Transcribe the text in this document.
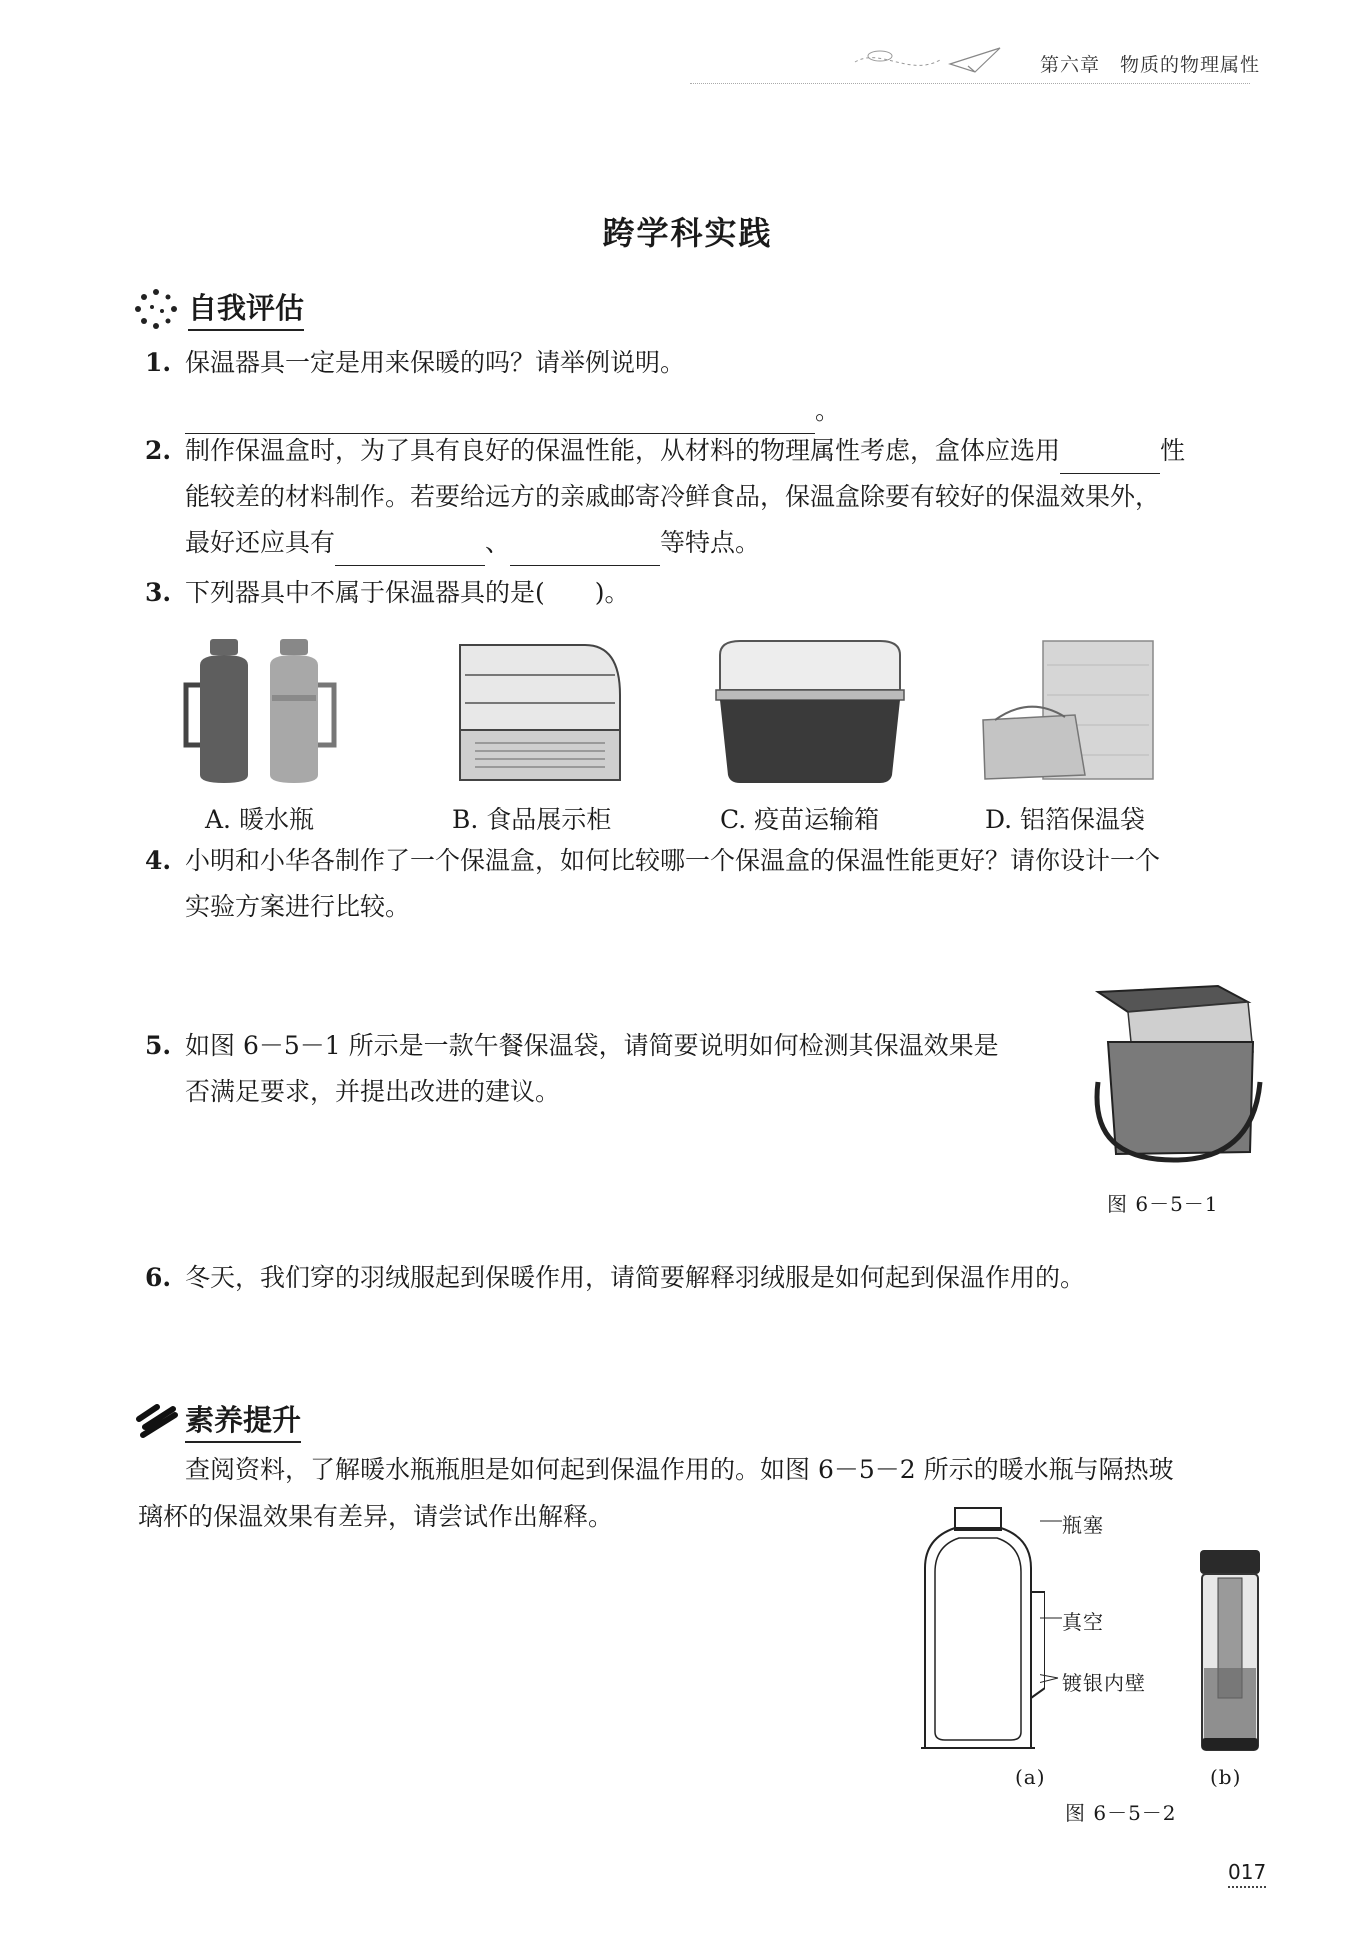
第六章　物质的物理属性
跨学科实践
自我评估
1. 保温器具一定是用来保暖的吗？请举例说明。
。
2. 制作保温盒时，为了具有良好的保温性能，从材料的物理属性考虑，盒体应选用	性
能较差的材料制作。若要给远方的亲戚邮寄冷鲜食品，保温盒除要有较好的保温效果外，
最好还应具有	、	等特点。
3. 下列器具中不属于保温器具的是(　　)。
A. 暖水瓶	B. 食品展示柜	C. 疫苗运输箱	D. 铝箔保温袋
4. 小明和小华各制作了一个保温盒，如何比较哪一个保温盒的保温性能更好？请你设计一个
实验方案进行比较。
5. 如图 6－5－1 所示是一款午餐保温袋，请简要说明如何检测其保温效果是
否满足要求，并提出改进的建议。
图 6－5－1
6. 冬天，我们穿的羽绒服起到保暖作用，请简要解释羽绒服是如何起到保温作用的。
素养提升
查阅资料，了解暖水瓶瓶胆是如何起到保温作用的。如图 6－5－2 所示的暖水瓶与隔热玻
璃杯的保温效果有差异，请尝试作出解释。	瓶塞
真空
镀银内壁
(a)	(b)
图 6－5－2
017
